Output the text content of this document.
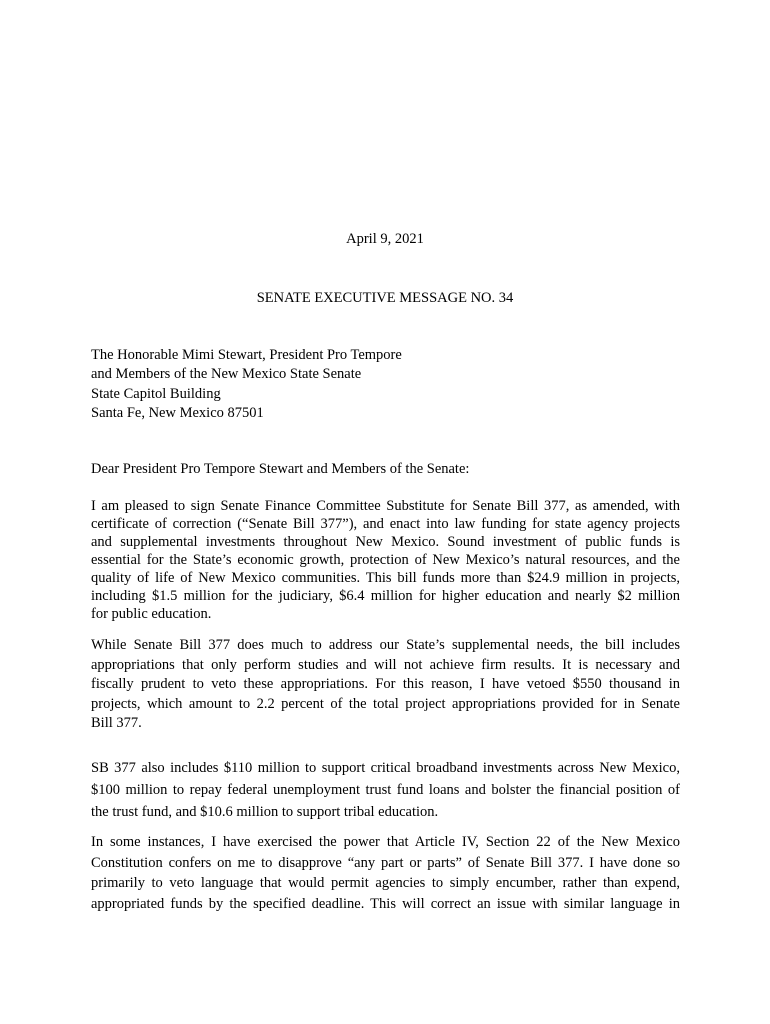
April 9, 2021
SENATE EXECUTIVE MESSAGE NO. 34
The Honorable Mimi Stewart, President Pro Tempore
and Members of the New Mexico State Senate
State Capitol Building
Santa Fe, New Mexico 87501
Dear President Pro Tempore Stewart and Members of the Senate:
I am pleased to sign Senate Finance Committee Substitute for Senate Bill 377, as amended, with
certificate of correction (“Senate Bill 377”), and enact into law funding for state agency projects
and supplemental investments throughout New Mexico. Sound investment of public funds is
essential for the State’s economic growth, protection of New Mexico’s natural resources, and the
quality of life of New Mexico communities. This bill funds more than $24.9 million in projects,
including $1.5 million for the judiciary, $6.4 million for higher education and nearly $2 million
for public education.
While Senate Bill 377 does much to address our State’s supplemental needs, the bill includes
appropriations that only perform studies and will not achieve firm results. It is necessary and
fiscally prudent to veto these appropriations. For this reason, I have vetoed $550 thousand in
projects, which amount to 2.2 percent of the total project appropriations provided for in Senate
Bill 377.
SB 377 also includes $110 million to support critical broadband investments across New Mexico,
$100 million to repay federal unemployment trust fund loans and bolster the financial position of
the trust fund, and $10.6 million to support tribal education.
In some instances, I have exercised the power that Article IV, Section 22 of the New Mexico
Constitution confers on me to disapprove “any part or parts” of Senate Bill 377. I have done so
primarily to veto language that would permit agencies to simply encumber, rather than expend,
appropriated funds by the specified deadline. This will correct an issue with similar language in
